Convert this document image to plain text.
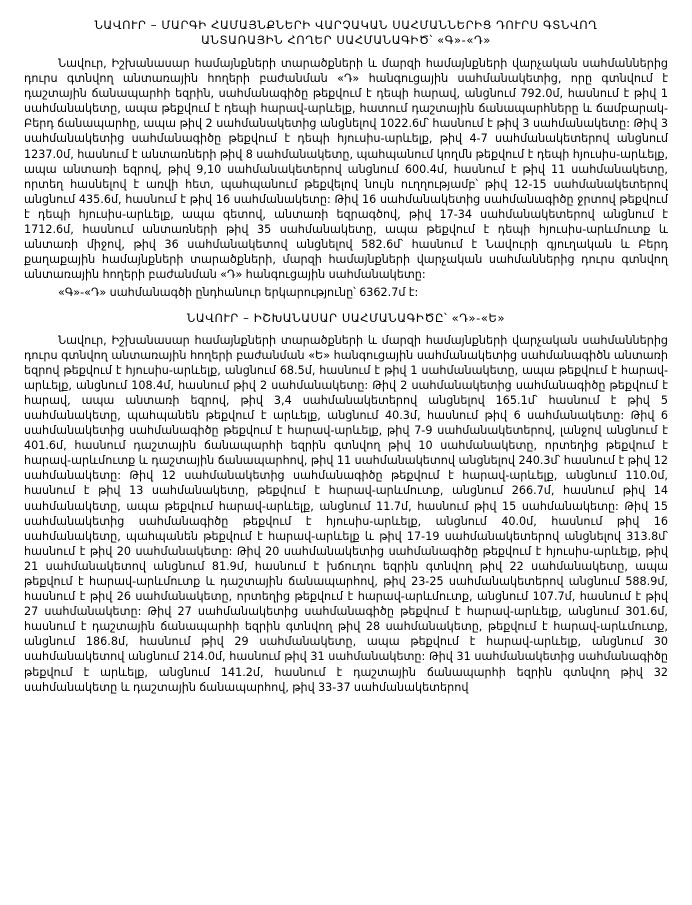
ՆԱՎՈՒՐ – ՄԱՐԳԻ ՀԱՄԱՅՆՔՆԵՐԻ ՎԱՐՉԱԿԱՆ ՍԱՀՄԱՆՆԵՐԻՑ ԴՈՒՐՍ ԳՏՆՎՈՂ
ԱՆՏԱՌԱՅԻՆ ՀՈՂԵՐ ՍԱՀՄԱՆԱԳԻԾ՝ «Գ»-«Դ»

Նավուր, Իշխանասար համայնքների տարածքների և մարզի համայնքների վարչական սահմաններից դուրս գտնվող անտառային հողերի բաժանման «Դ» հանգուցային սահմանակետից, որը գտնվում է դաշտային ճանապարհի եզրին, սահմանագիծը թեքվում է դեպի հարավ, անցնում 792.0մ, հասնում է թիվ 1 սահմանակետը, ապա թեքվում է դեպի հարավ-արևելք, հատում դաշտային ճանապարհները և ճամբարակ-Բերդ ճանապարհը, ապա թիվ 2 սահմանակետից անցնելով 1022.6մ՝ հասնում է թիվ 3 սահմանակետը: Թիվ 3 սահմանակետից սահմանագիծը թեքվում է դեպի հյուսիս-արևելք, թիվ 4-7 սահմանակետերով անցնում 1237.0մ, հասնում է անտառների թիվ 8 սահմանակետը, պահպանում կողմն թեքվում է դեպի հյուսիս-արևելք, ապա անտառի եզրով, թիվ 9,10 սահմանակետերով անցնում 600.4մ, հասնում է թիվ 11 սահմանակետը, որտեղ հասնելով է առվի հետ, պահպանում թեքվելով նույն ուղղությամբ՝ թիվ 12-15 սահմանակետերով անցնում 435.6մ, հասնում է թիվ 16 սահմանակետը: Թիվ 16 սահմանակետից սահմանագիծը ջրտով թեքվում է դեպի հյուսիս-արևելք, ապա գետով, անտառի եզրագծով, թիվ 17-34 սահմանակետերով անցնում է 1712.6մ, հասնում անտառների թիվ 35 սահմանակետը, ապա թեքվում է դեպի հյուսիս-արևմուտք և անտառի միջով, թիվ 36 սահմանակետով անցնելով 582.6մ՝ հասնում է Նավուրի գյուղական և Բերդ քաղաքային համայնքների տարածքների, մարզի համայնքների վարչական սահմաններից դուրս գտնվող անտառային հողերի բաժանման «Դ» հանգուցային սահմանակետը:

«Գ»-«Դ» սահմանագծի ընդհանուր երկարությունը՝ 6362.7մ է:

ՆԱՎՈՒՐ – ԻՇԽԱՆԱՍԱՐ ՍԱՀՄԱՆԱԳԻԾԸ՝ «Դ»-«Ե»

Նավուր, Իշխանասար համայնքների տարածքների և մարզի համայնքների վարչական սահմաններից դուրս գտնվող անտառային հողերի բաժանման «Ե» հանգուցային սահմանակետից սահմանագիծն անտառի եզրով թեքվում է հյուսիս-արևելք, անցնում 68.5մ, հասնում է թիվ 1 սահմանակետը, ապա թեքվում է հարավ-արևելք, անցնում 108.4մ, հասնում թիվ 2 սահմանակետը: Թիվ 2 սահմանակետից սահմանագիծը թեքվում է հարավ, ապա անտառի եզրով, թիվ 3,4 սահմանակետերով անցնելով 165.1մ՝ հասնում է թիվ 5 սահմանակետը, պահպանեն թեքվում է արևելք, անցնում 40.3մ, հասնում թիվ 6 սահմանակետը: Թիվ 6 սահմանակետից սահմանագիծը թեքվում է հարավ-արևելք, թիվ 7-9 սահմանակետերով, լանջով անցնում է 401.6մ, հասնում դաշտային ճանապարհի եզրին գտնվող թիվ 10 սահմանակետը, որտեղից թեքվում է հարավ-արևմուտք և դաշտային ճանապարհով, թիվ 11 սահմանակետով անցնելով 240.3մ՝ հասնում է թիվ 12 սահմանակետը: Թիվ 12 սահմանակետից սահմանագիծը թեքվում է հարավ-արևելք, անցնում 110.0մ, հասնում է թիվ 13 սահմանակետը, թեքվում է հարավ-արևմուտք, անցնում 266.7մ, հասնում թիվ 14 սահմանակետը, ապա թեքվում հարավ-արևելք, անցնում 11.7մ, հասնում թիվ 15 սահմանակետը: Թիվ 15 սահմանակետից սահմանագիծը թեքվում է հյուսիս-արևելք, անցնում 40.0մ, հասնում թիվ 16 սահմանակետը, պահպանեն թեքվում է հարավ-արևելք և թիվ 17-19 սահմանակետերով անցնելով 313.8մ՝ հասնում է թիվ 20 սահմանակետը: Թիվ 20 սահմանակետից սահմանագիծը թեքվում է հյուսիս-արևելք, թիվ 21 սահմանակետով անցնում 81.9մ, հասնում է խճուղու եզրին գտնվող թիվ 22 սահմանակետը, ապա թեքվում է հարավ-արևմուտք և դաշտային ճանապարհով, թիվ 23-25 սահմանակետերով անցնում 588.9մ, հասնում է թիվ 26 սահմանակետը, որտեղից թեքվում է հարավ-արևմուտք, անցնում 107.7մ, հասնում է թիվ 27 սահմանակետը: Թիվ 27 սահմանակետից սահմանագիծը թեքվում է հարավ-արևելք, անցնում 301.6մ, հասնում է դաշտային ճանապարհի եզրին գտնվող թիվ 28 սահմանակետը, թեքվում է հարավ-արևմուտք, անցնում 186.8մ, հասնում թիվ 29 սահմանակետը, ապա թեքվում է հարավ-արևելք, անցնում 30 սահմանակետով անցնում 214.0մ, հասնում թիվ 31 սահմանակետը: Թիվ 31 սահմանակետից սահմանագիծը թեքվում է արևելք, անցնում 141.2մ, հասնում է դաշտային ճանապարհի եզրին գտնվող թիվ 32 սահմանակետը և դաշտային ճանապարհով, թիվ 33-37 սահմանակետերով
